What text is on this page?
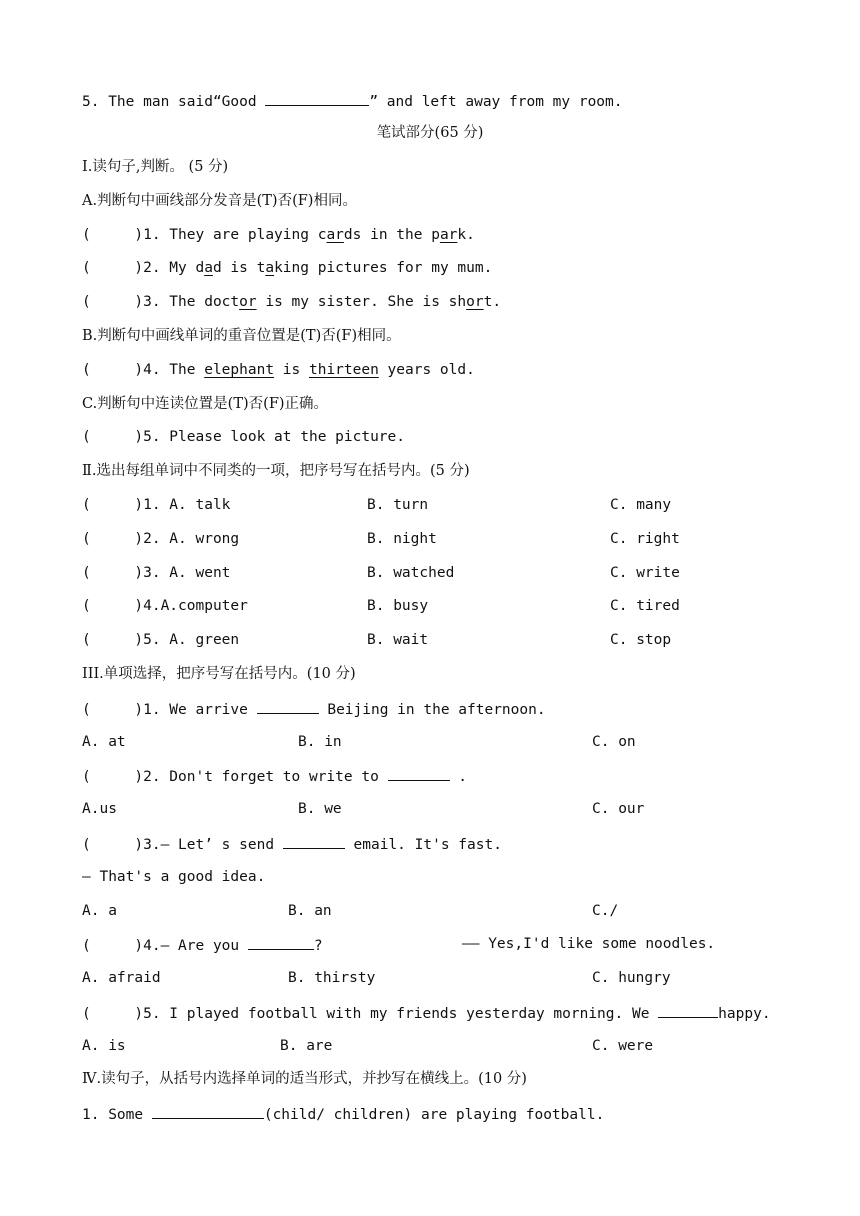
5. The man said“Good	” and left away from my room.
笔试部分(65 分)
Ⅰ.读句子,判断。 (5 分)
A.判断句中画线部分发音是(T)否(F)相同。
(     )1. They are playing cards in the park.
(     )2. My dad is taking pictures for my mum.
(     )3. The doctor is my sister. She is short.
B.判断句中画线单词的重音位置是(T)否(F)相同。
(     )4. The elephant is thirteen years old.
C.判断句中连读位置是(T)否(F)正确。
(     )5. Please look at the picture.
Ⅱ.选出每组单词中不同类的一项，把序号写在括号内。(5 分)
(     )1. A. talk	B. turn	C. many
(     )2. A. wrong	B. night	C. right
(     )3. A. went	B. watched	C. write
(     )4.A.computer	B. busy	C. tired
(     )5. A. green	B. wait	C. stop
III.单项选择，把序号写在括号内。(10 分)
(     )1. We arrive	Beijing in the afternoon.
A. at	B. in	C. on
(     )2. Don't forget to write to	.
A.us	B. we	C. our
(     )3.— Let’ s send	email. It's fast.
— That's a good idea.
A. a	B. an	C./
(     )4.— Are you	?	—— Yes,I'd like some noodles.
A. afraid	B. thirsty	C. hungry
(     )5. I played football with my friends yesterday morning. We	happy.
A. is	B. are	C. were
Ⅳ.读句子，从括号内选择单词的适当形式，并抄写在横线上。(10 分)
1. Some	(child/ children) are playing football.
